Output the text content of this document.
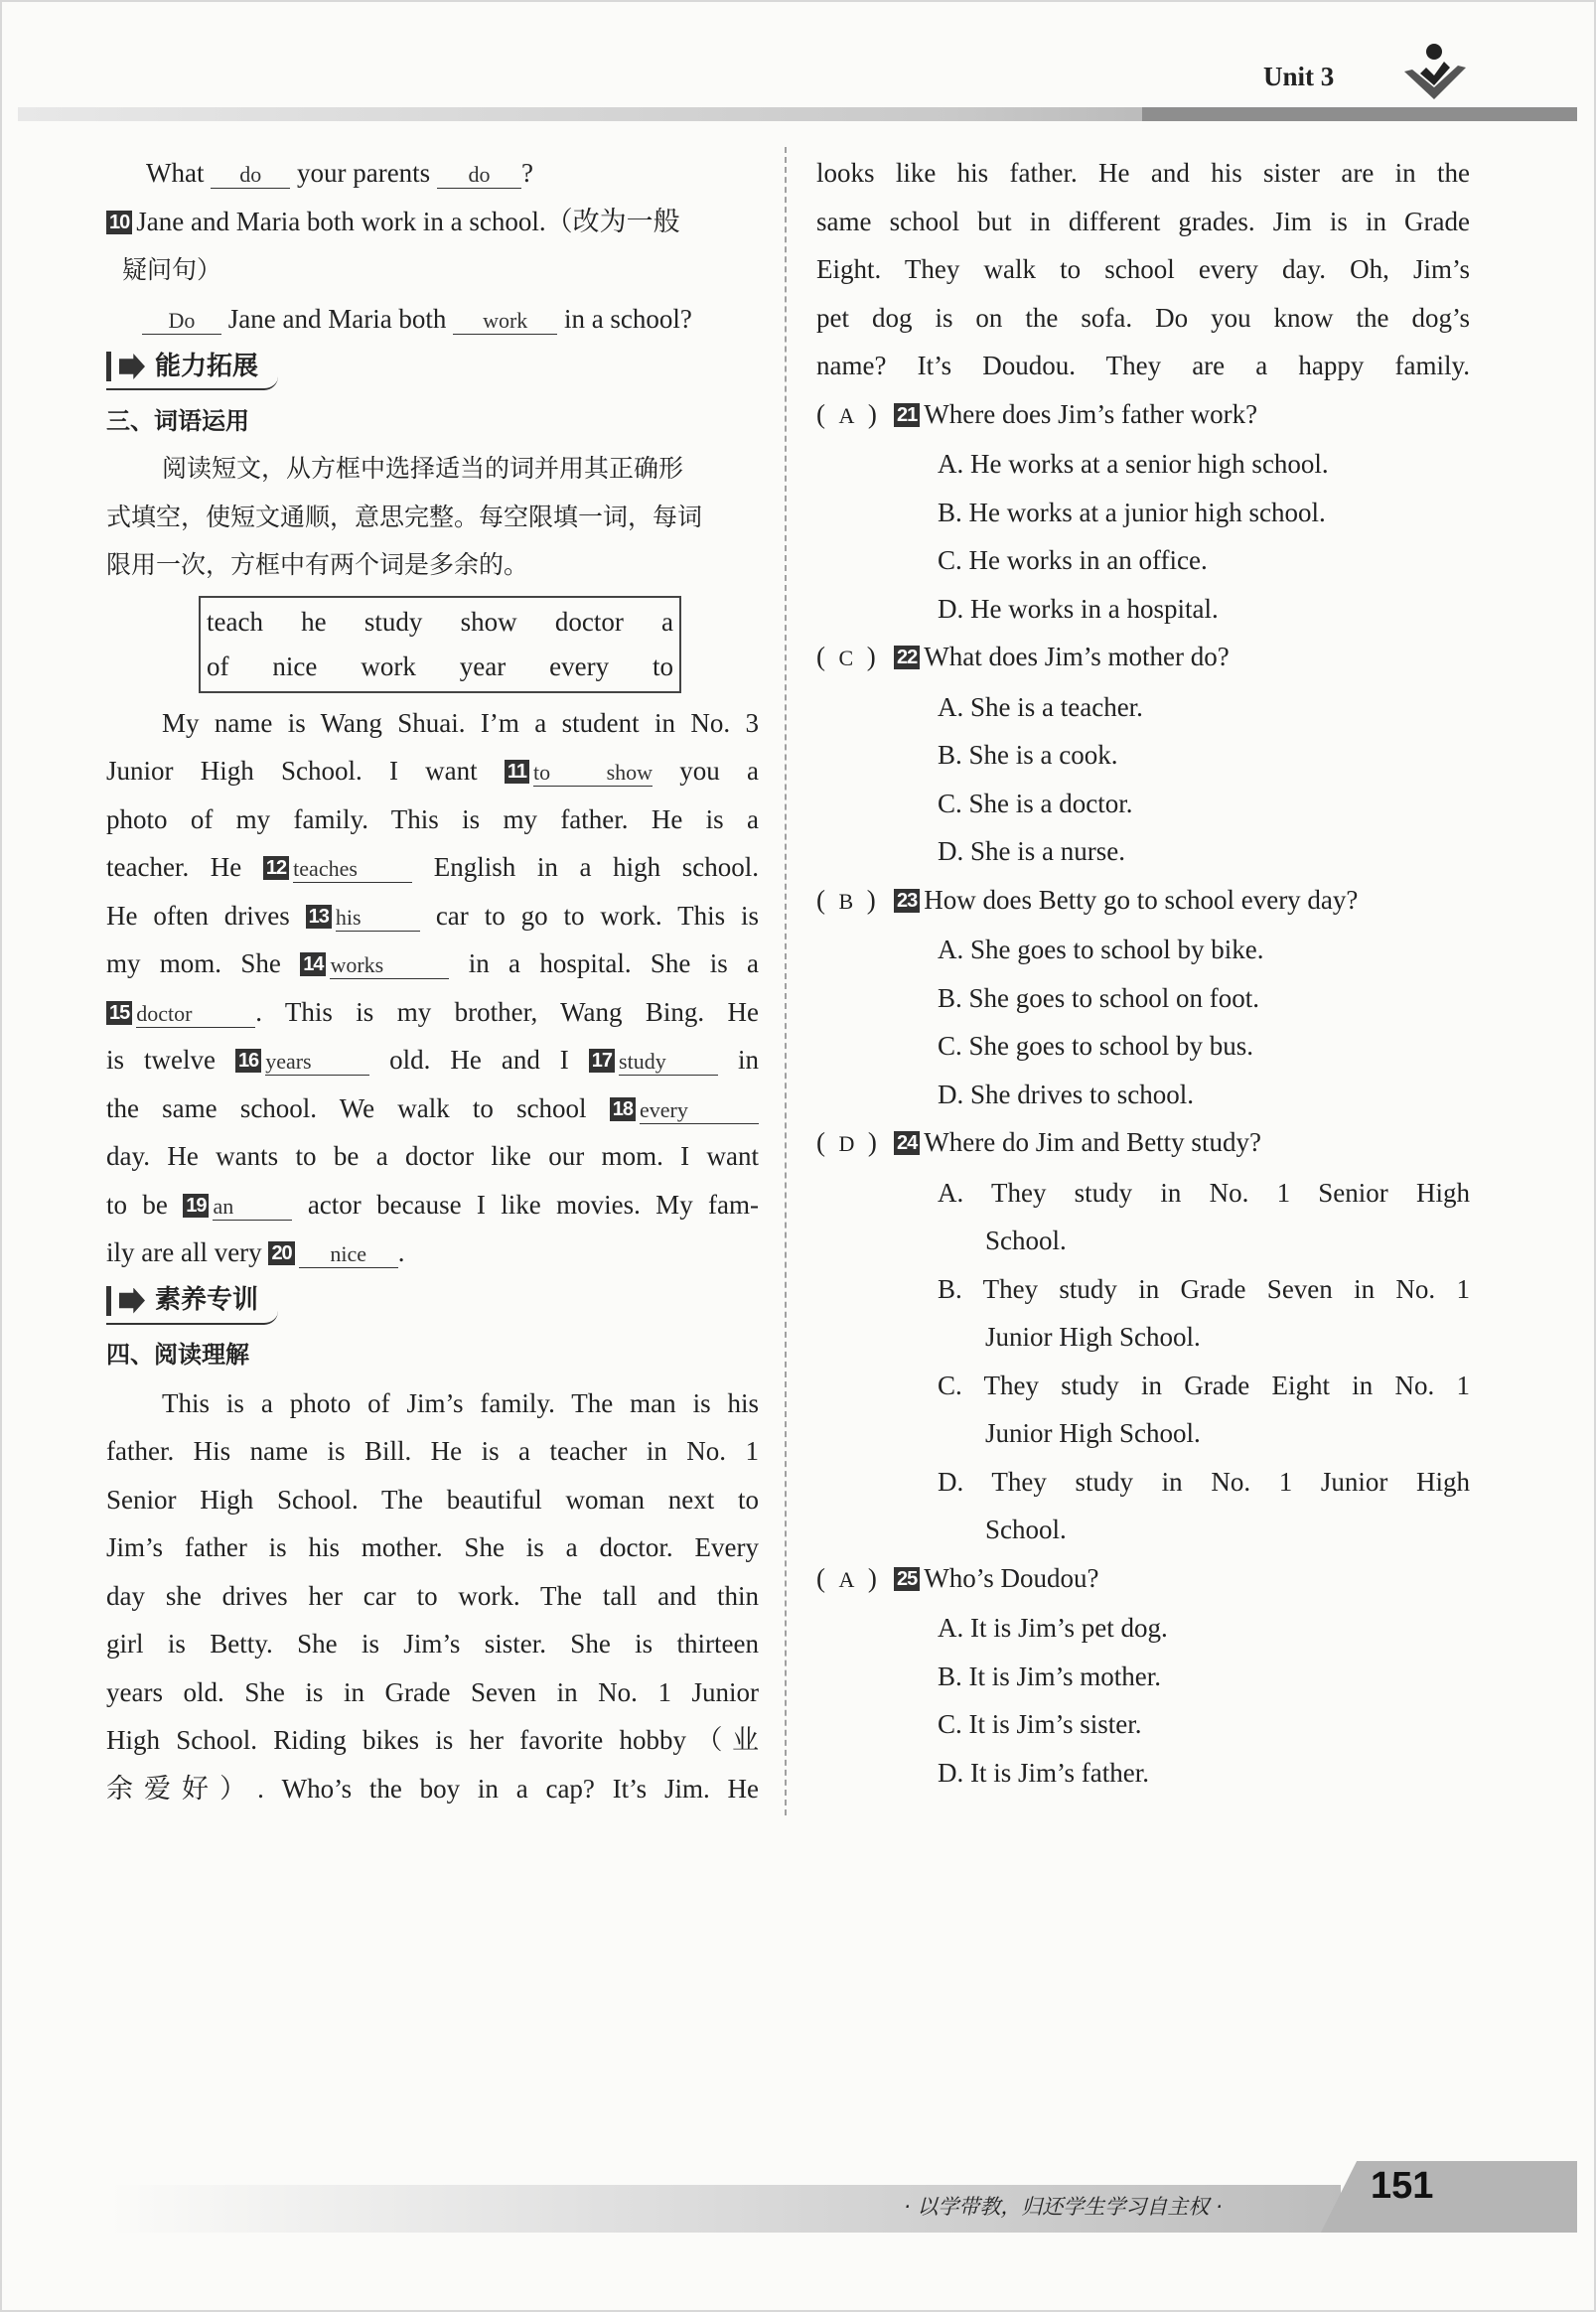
Unit 3
What do your parents do ?
10 Jane and Maria both work in a school.（改为一般
疑问句）
Do Jane and Maria both work in a school?
能力拓展
三、词语运用
阅读短文，从方框中选择适当的词并用其正确形
式填空，使短文通顺，意思完整。每空限填一词，每词
限用一次，方框中有两个词是多余的。
teach he study show doctor a
of nice work year every to
My name is Wang Shuai. I’m a student in No. 3
Junior High School. I want 11 to show you a
photo of my family. This is my father. He is a
teacher. He 12 teaches	English in a high school.
He often drives 13 his	car to go to work. This is
my mom. She 14 works	in a hospital. She is a
15 doctor . This is my brother, Wang Bing. He
is twelve 16 years	old. He and I 17 study	in
the same school. We walk to school 18 every
day. He wants to be a doctor like our mom. I want
to be 19 an	actor because I like movies. My fam-
ily are all very 20 nice .
素养专训
四、阅读理解
This is a photo of Jim’s family. The man is his
father. His name is Bill. He is a teacher in No. 1
Senior High School. The beautiful woman next to
Jim’s father is his mother. She is a doctor. Every
day she drives her car to work. The tall and thin
girl is Betty. She is Jim’s sister. She is thirteen
years old. She is in Grade Seven in No. 1 Junior
High School. Riding bikes is her favorite hobby（业
余爱好）. Who’s the boy in a cap? It’s Jim. He
looks like his father. He and his sister are in the
same school but in different grades. Jim is in Grade
Eight. They walk to school every day. Oh, Jim’s
pet dog is on the sofa. Do you know the dog’s
name? It’s Doudou. They are a happy family.
(  A  ) 21 Where does Jim’s father work?
A. He works at a senior high school.
B. He works at a junior high school.
C. He works in an office.
D. He works in a hospital.
(  C  ) 22 What does Jim’s mother do?
A. She is a teacher.
B. She is a cook.
C. She is a doctor.
D. She is a nurse.
(  B  ) 23 How does Betty go to school every day?
A. She goes to school by bike.
B. She goes to school on foot.
C. She goes to school by bus.
D. She drives to school.
(  D  ) 24 Where do Jim and Betty study?
A. They study in No. 1 Senior High
School.
B. They study in Grade Seven in No. 1
Junior High School.
C. They study in Grade Eight in No. 1
Junior High School.
D. They study in No. 1 Junior High
School.
(  A  ) 25 Who’s Doudou?
A. It is Jim’s pet dog.
B. It is Jim’s mother.
C. It is Jim’s sister.
D. It is Jim’s father.
· 以学带教，归还学生学习自主权 ·	151
